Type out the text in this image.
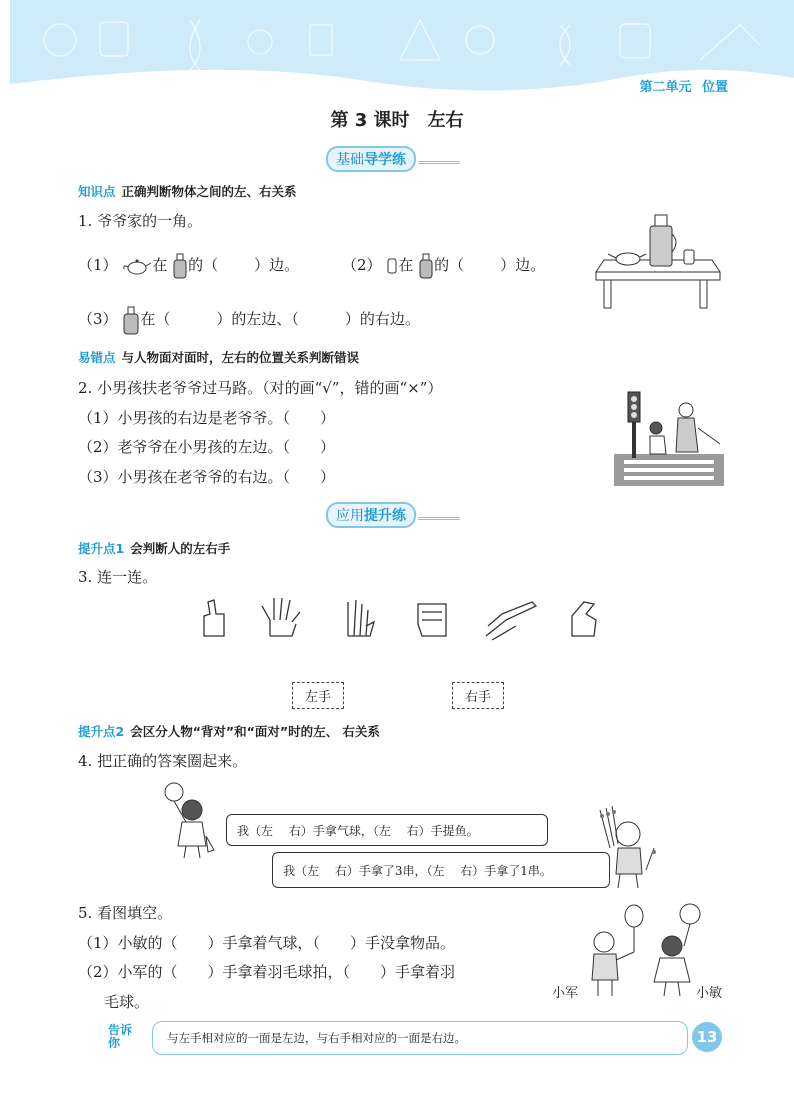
第二单元 位置
第 3 课时　左右
基础导学练
知识点 正确判断物体之间的左、右关系
1. 爷爷家的一角。
（1） 在 的（ ）边。	（2） 在 的（ ）边。
（3） 在（	）的左边、（	）的右边。
易错点 与人物面对面时，左右的位置关系判断错误
2. 小男孩扶老爷爷过马路。（对的画“√”，错的画“×”）
（1）小男孩的右边是老爷爷。（　　）
（2）老爷爷在小男孩的左边。（　　）
（3）小男孩在老爷爷的右边。（　　）
应用提升练
提升点1 会判断人的左右手
3. 连一连。
左手	右手
提升点2 会区分人物“背对”和“面对”时的左、 右关系
4. 把正确的答案圈起来。
我（左　 右）手拿气球，（左　 右）手提鱼。
我（左　 右）手拿了3串，（左　 右）手拿了1串。
5. 看图填空。
（1）小敏的（　　）手拿着气球，（　　）手没拿物品。
（2）小军的（　　）手拿着羽毛球拍，（　　）手拿着羽
毛球。	小军	小敏
告诉
你	与左手相对应的一面是左边，与右手相对应的一面是右边。	13
